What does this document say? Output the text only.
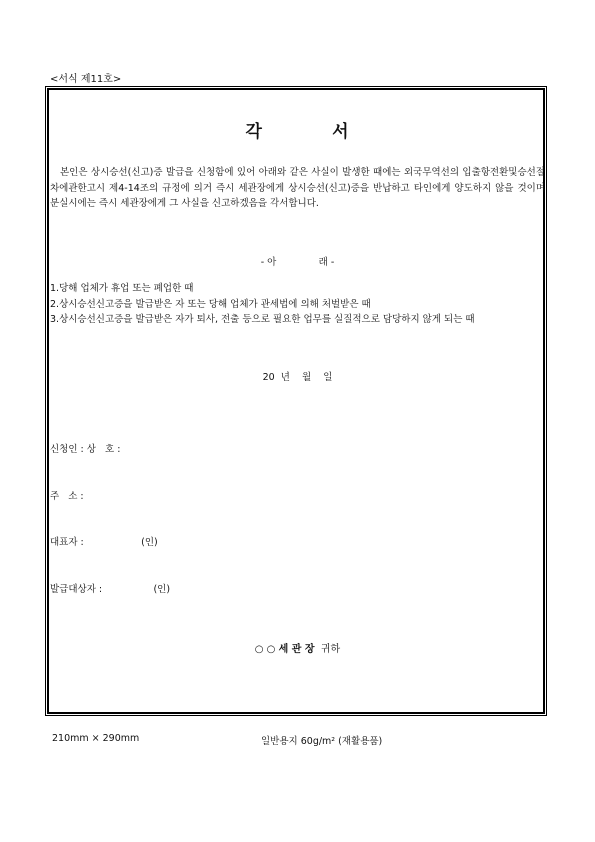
<서식 제11호>
각          서
본인은 상시승선(신고)증 발급을 신청함에 있어 아래와 같은 사실이 발생한 때에는 외국무역선의 입출항전환및승선절차에관한고시 제4-14조의 규정에 의거 즉시 세관장에게 상시승선(신고)증을 반납하고 타인에게 양도하지 않을 것이며 분실시에는 즉시 세관장에게 그 사실을 신고하겠음을 각서합니다.
- 아              래 -
1.당해 업체가 휴업 또는 폐업한 때
2.상시승선신고증을 발급받은 자 또는 당해 업체가 관세법에 의해 처벌받은 때
3.상시승선신고증을 발급받은 자가 퇴사, 전출 등으로 필요한 업무를 실질적으로 담당하지 않게 되는 때
20  년    월    일

신청인 : 상   호 :

주   소 :

대표자 :                   (인)

발급대상자 :                 (인)

○ ○ 세 관 장  귀하
210mm × 290mm	일반용지 60g/m² (재활용품)
